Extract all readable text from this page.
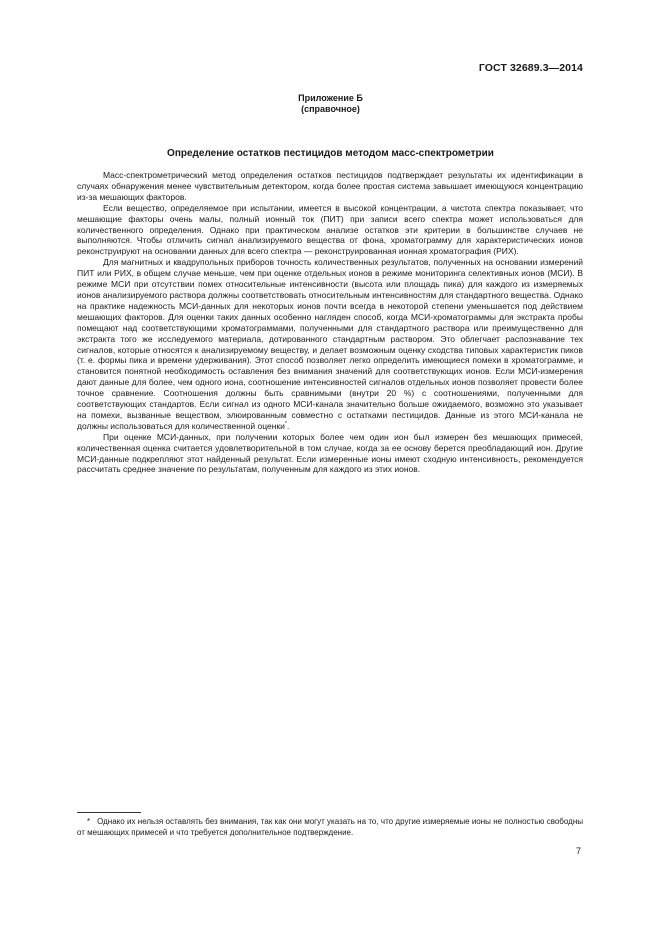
ГОСТ 32689.3—2014
Приложение Б
(справочное)
Определение остатков пестицидов методом масс-спектрометрии

Масс-спектрометрический метод определения остатков пестицидов подтверждает результаты их идентификации в случаях обнаружения менее чувствительным детектором, когда более простая система завышает имеющуюся концентрацию из-за мешающих факторов.

Если вещество, определяемое при испытании, имеется в высокой концентрации, а чистота спектра показывает, что мешающие факторы очень малы, полный ионный ток (ПИТ) при записи всего спектра может использоваться для количественного определения. Однако при практическом анализе остатков эти критерии в большинстве случаев не выполняются. Чтобы отличить сигнал анализируемого вещества от фона, хроматограмму для характеристических ионов реконструируют на основании данных для всего спектра — реконструированная ионная хроматография (РИХ).

Для магнитных и квадрупольных приборов точность количественных результатов, полученных на основании измерений ПИТ или РИХ, в общем случае меньше, чем при оценке отдельных ионов в режиме мониторинга селективных ионов (МСИ). В режиме МСИ при отсутствии помех относительные интенсивности (высота или площадь пика) для каждого из измеряемых ионов анализируемого раствора должны соответствовать относительным интенсивностям для стандартного вещества. Однако на практике надежность МСИ-данных для некоторых ионов почти всегда в некоторой степени уменьшается под действием мешающих факторов. Для оценки таких данных особенно нагляден способ, когда МСИ-хроматограммы для экстракта пробы помещают над соответствующими хроматограммами, полученными для стандартного раствора или преимущественно для экстракта того же исследуемого материала, дотированного стандартным раствором. Это облегчает распознавание тех сигналов, которые относятся к анализируемому веществу, и делает возможным оценку сходства типовых характеристик пиков (т. е. формы пика и времени удерживания). Этот способ позволяет легко определить имеющиеся помехи в хроматограмме, и становится понятной необходимость оставления без внимания значений для соответствующих ионов. Если МСИ-измерения дают данные для более, чем одного иона, соотношение интенсивностей сигналов отдельных ионов позволяет провести более точное сравнение. Соотношения должны быть сравнимыми (внутри 20 %) с соотношениями, полученными для соответствующих стандартов. Если сигнал из одного МСИ-канала значительно больше ожидаемого, возможно это указывает на помехи, вызванные веществом, элюированным совместно с остатками пестицидов. Данные из этого МСИ-канала не должны использоваться для количественной оценки*.

При оценке МСИ-данных, при получении которых более чем один ион был измерен без мешающих примесей, количественная оценка считается удовлетворительной в том случае, когда за ее основу берется преобладающий ион. Другие МСИ-данные подкрепляют этот найденный результат. Если измеренные ионы имеют сходную интенсивность, рекомендуется рассчитать среднее значение по результатам, полученным для каждого из этих ионов.

* Однако их нельзя оставлять без внимания, так как они могут указать на то, что другие измеряемые ионы не полностью свободны от мешающих примесей и что требуется дополнительное подтверждение.

7
